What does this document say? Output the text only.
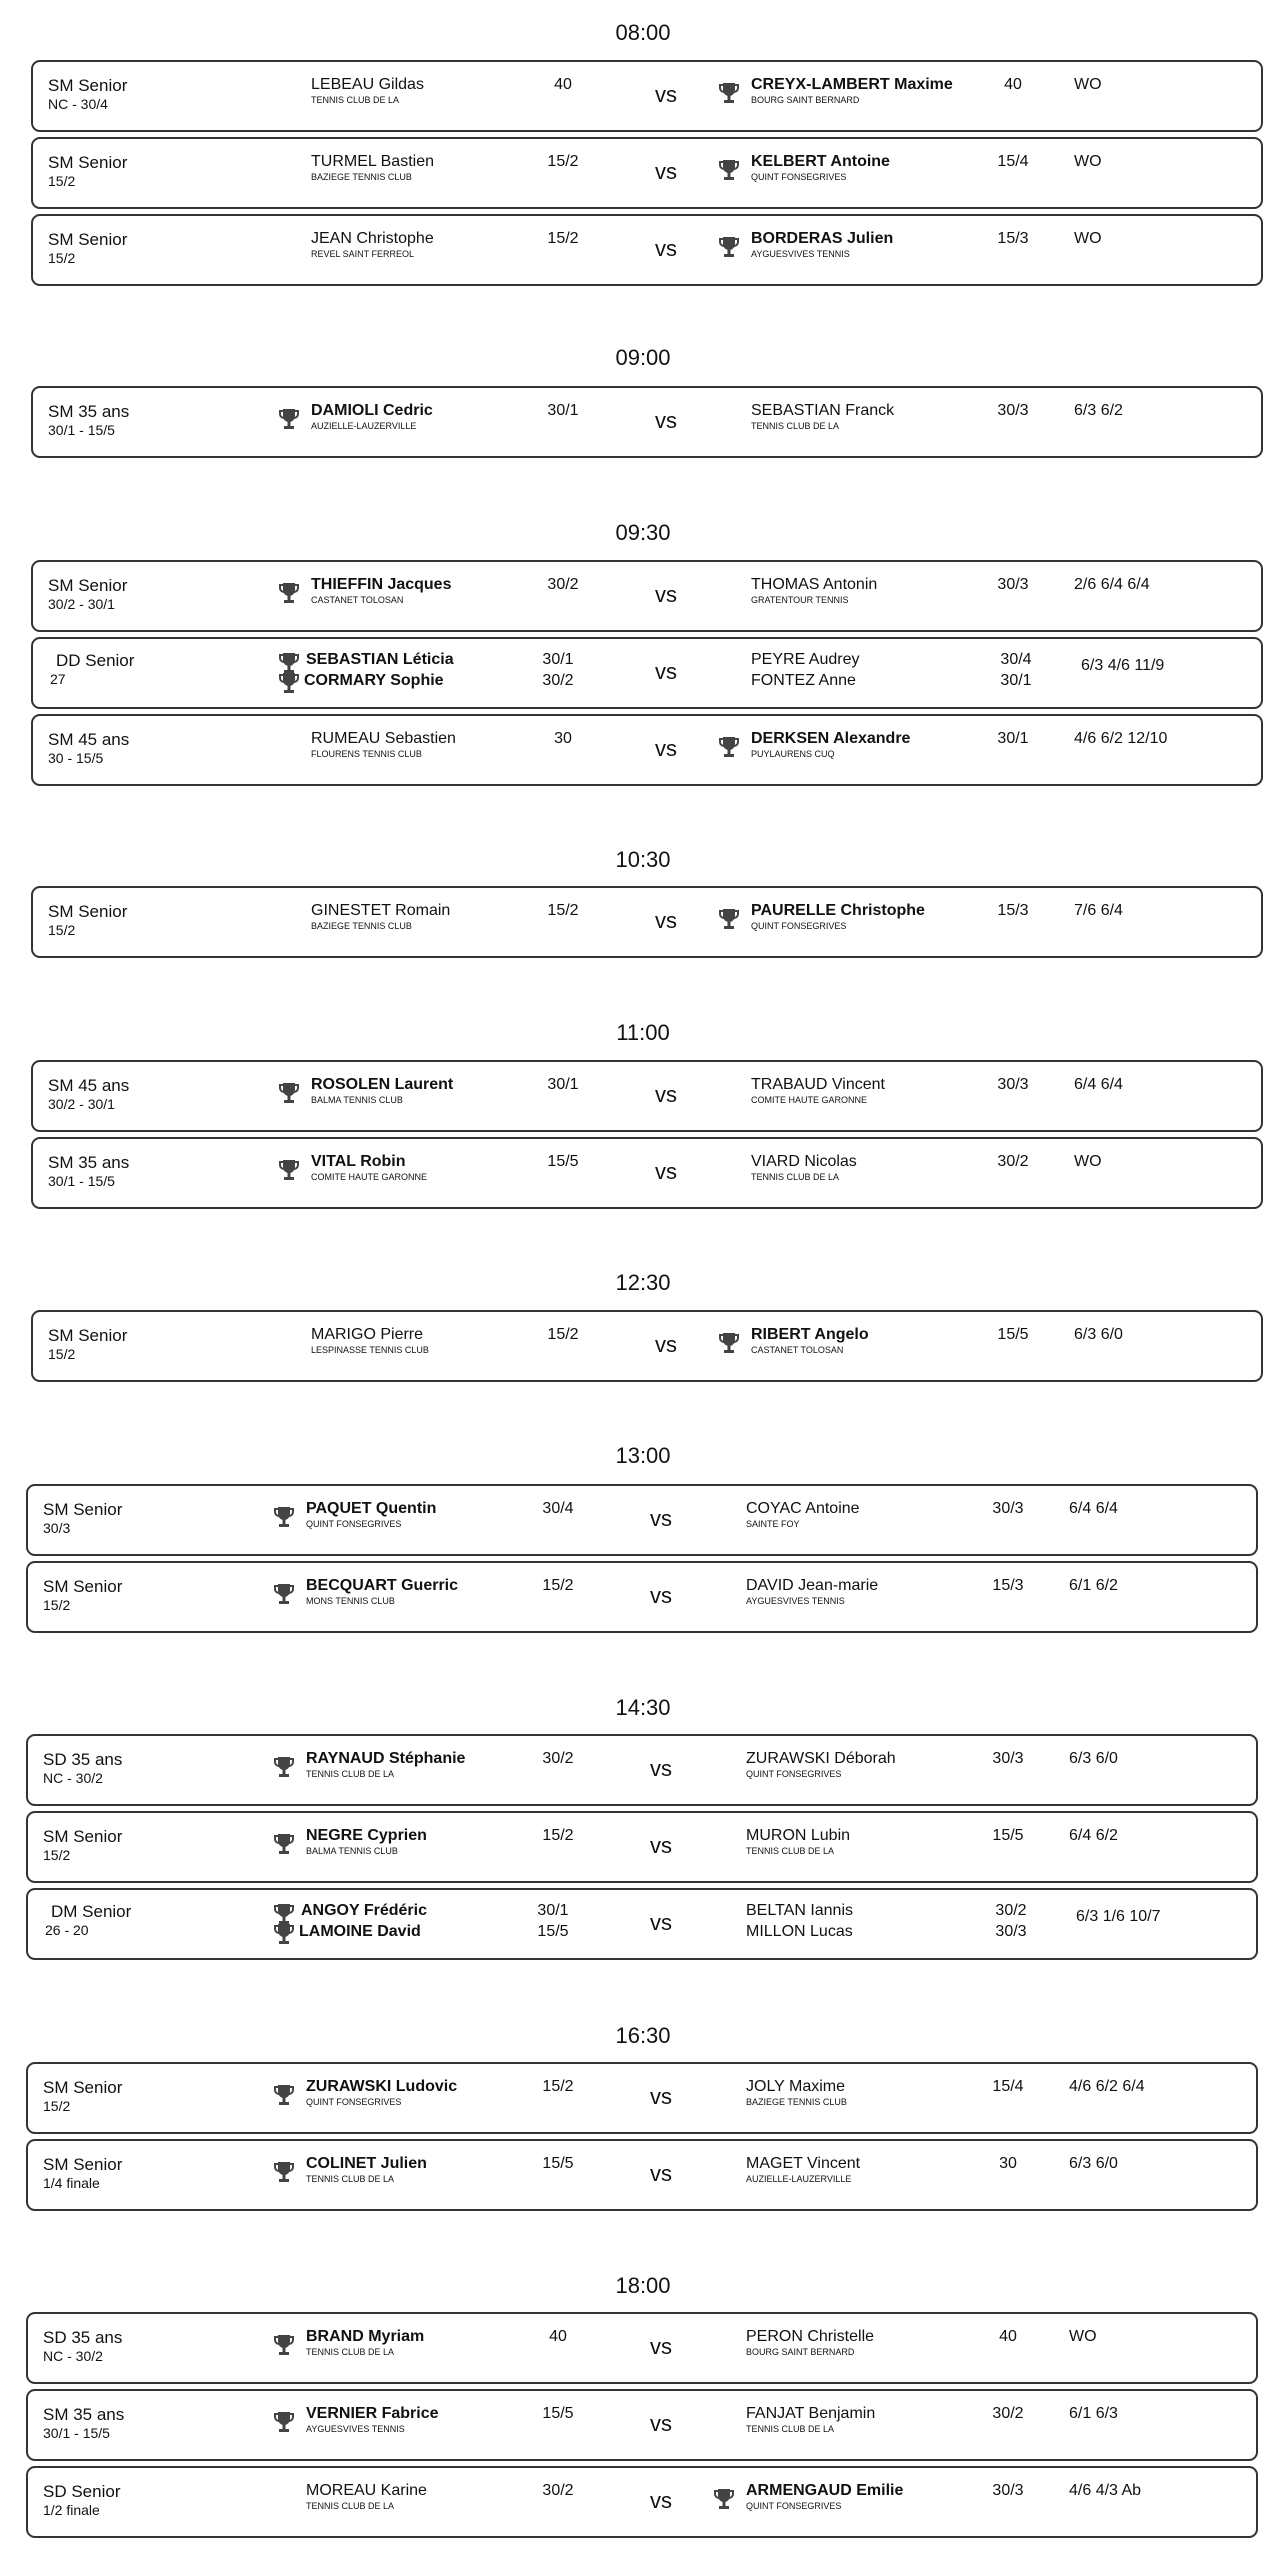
08:00
SM Senior
NC - 30/4
LEBEAU Gildas
TENNIS CLUB DE LA
40	vs	CREYX-LAMBERT Maxime
BOURG SAINT BERNARD
40	WO
SM Senior
15/2
TURMEL Bastien
BAZIEGE TENNIS CLUB
15/2	vs	KELBERT Antoine
QUINT FONSEGRIVES
15/4	WO
SM Senior
15/2
JEAN Christophe
REVEL SAINT FERREOL
15/2	vs	BORDERAS Julien
AYGUESVIVES TENNIS
15/3	WO
09:00
SM 35 ans
30/1 - 15/5
DAMIOLI Cedric
AUZIELLE-LAUZERVILLE
30/1	vs	SEBASTIAN Franck
TENNIS CLUB DE LA
30/3	6/3 6/2
09:30
SM Senior
30/2 - 30/1
THIEFFIN Jacques
CASTANET TOLOSAN
30/2	vs	THOMAS Antonin
GRATENTOUR TENNIS
30/3	2/6 6/4 6/4
DD Senior
27
SEBASTIAN Léticia	30/1
CORMARY Sophie	30/2	vs	PEYRE Audrey	30/4
FONTEZ Anne	30/1
6/3 4/6 11/9
SM 45 ans
30 - 15/5
RUMEAU Sebastien
FLOURENS TENNIS CLUB
30	vs	DERKSEN Alexandre
PUYLAURENS CUQ
30/1	4/6 6/2 12/10
10:30
SM Senior
15/2
GINESTET Romain
BAZIEGE TENNIS CLUB
15/2	vs	PAURELLE Christophe
QUINT FONSEGRIVES
15/3	7/6 6/4
11:00
SM 45 ans
30/2 - 30/1
ROSOLEN Laurent
BALMA TENNIS CLUB
30/1	vs	TRABAUD Vincent
COMITE HAUTE GARONNE
30/3	6/4 6/4
SM 35 ans
30/1 - 15/5
VITAL Robin
COMITE HAUTE GARONNE
15/5	vs	VIARD Nicolas
TENNIS CLUB DE LA
30/2	WO
12:30
SM Senior
15/2
MARIGO Pierre
LESPINASSE TENNIS CLUB
15/2	vs	RIBERT Angelo
CASTANET TOLOSAN
15/5	6/3 6/0
13:00
SM Senior
30/3
PAQUET Quentin
QUINT FONSEGRIVES
30/4	vs	COYAC Antoine
SAINTE FOY
30/3	6/4 6/4
SM Senior
15/2
BECQUART Guerric
MONS TENNIS CLUB
15/2	vs	DAVID Jean-marie
AYGUESVIVES TENNIS
15/3	6/1 6/2
14:30
SD 35 ans
NC - 30/2
RAYNAUD Stéphanie
TENNIS CLUB DE LA
30/2	vs	ZURAWSKI Déborah
QUINT FONSEGRIVES
30/3	6/3 6/0
SM Senior
15/2
NEGRE Cyprien
BALMA TENNIS CLUB
15/2	vs	MURON Lubin
TENNIS CLUB DE LA
15/5	6/4 6/2
DM Senior
26 - 20
ANGOY Frédéric	30/1
LAMOINE David	15/5	vs	BELTAN Iannis	30/2
MILLON Lucas	30/3
6/3 1/6 10/7
16:30
SM Senior
15/2
ZURAWSKI Ludovic
QUINT FONSEGRIVES
15/2	vs	JOLY Maxime
BAZIEGE TENNIS CLUB
15/4	4/6 6/2 6/4
SM Senior
1/4 finale
COLINET Julien
TENNIS CLUB DE LA
15/5	vs	MAGET Vincent
AUZIELLE-LAUZERVILLE
30	6/3 6/0
18:00
SD 35 ans
NC - 30/2
BRAND Myriam
TENNIS CLUB DE LA
40	vs	PERON Christelle
BOURG SAINT BERNARD
40	WO
SM 35 ans
30/1 - 15/5
VERNIER Fabrice
AYGUESVIVES TENNIS
15/5	vs	FANJAT Benjamin
TENNIS CLUB DE LA
30/2	6/1 6/3
SD Senior
1/2 finale
MOREAU Karine
TENNIS CLUB DE LA
30/2	vs	ARMENGAUD Emilie
QUINT FONSEGRIVES
30/3	4/6 4/3 Ab
